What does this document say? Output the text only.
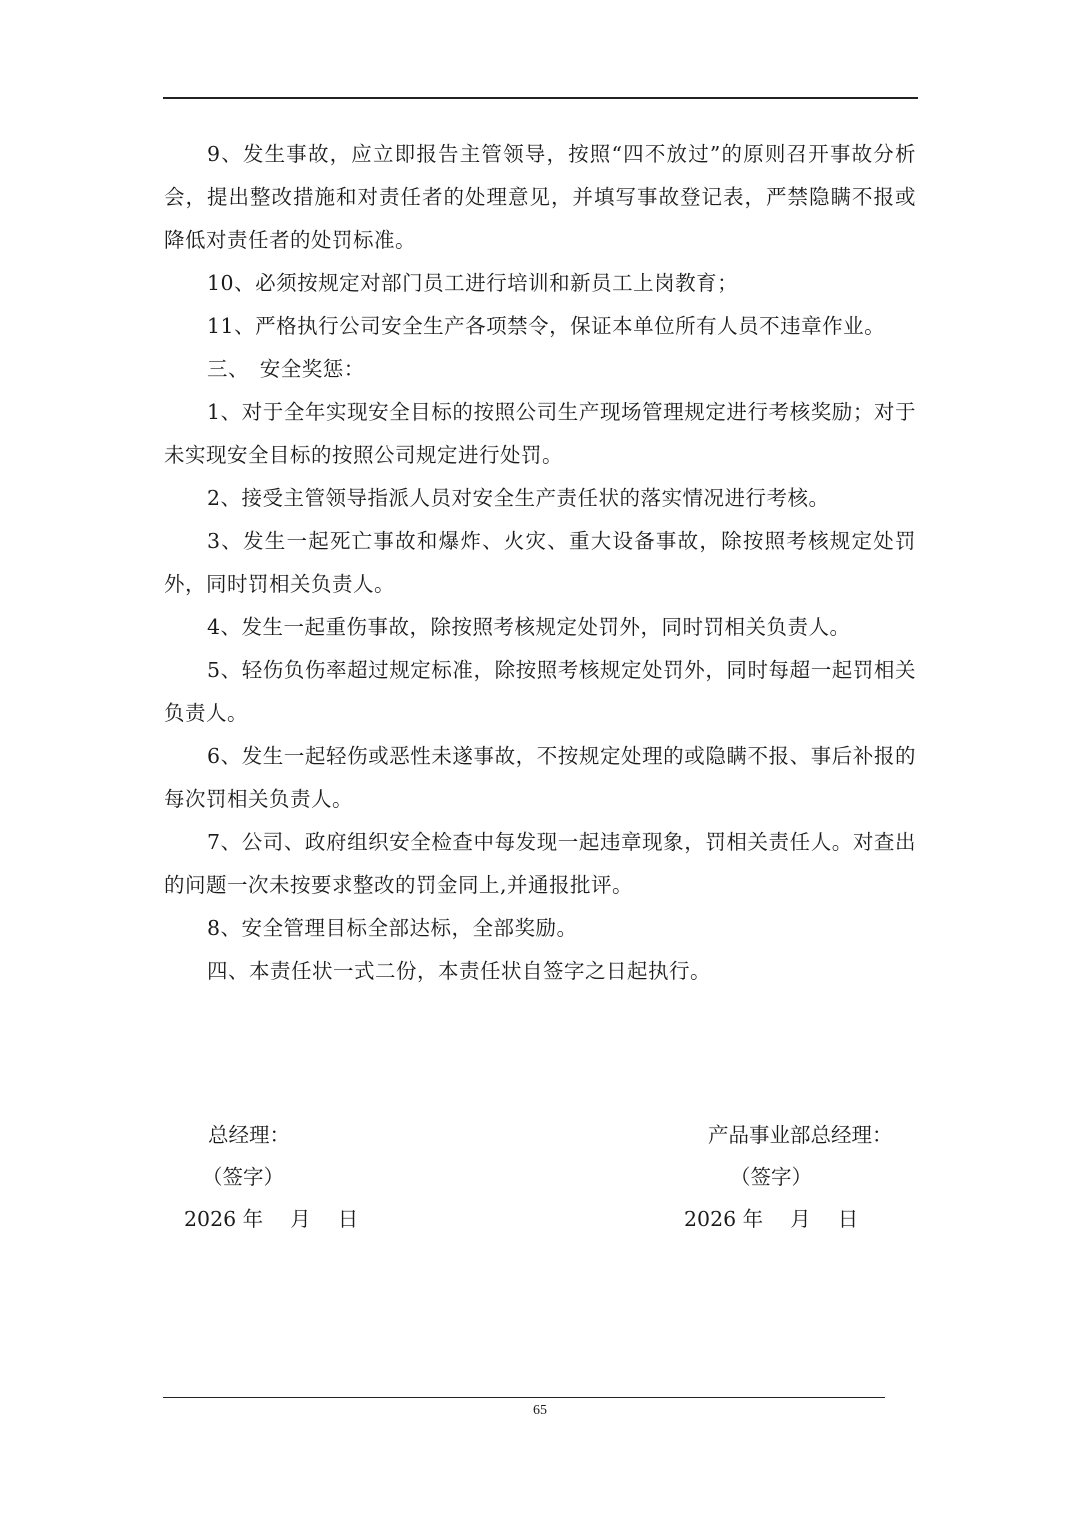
9、发生事故，应立即报告主管领导，按照“四不放过”的原则召开事故分析会，提出整改措施和对责任者的处理意见，并填写事故登记表，严禁隐瞒不报或降低对责任者的处罚标准。

10、必须按规定对部门员工进行培训和新员工上岗教育；

11、严格执行公司安全生产各项禁令，保证本单位所有人员不违章作业。

三、　安全奖惩：

1、对于全年实现安全目标的按照公司生产现场管理规定进行考核奖励；对于未实现安全目标的按照公司规定进行处罚。

2、接受主管领导指派人员对安全生产责任状的落实情况进行考核。

3、发生一起死亡事故和爆炸、火灾、重大设备事故，除按照考核规定处罚外，同时罚相关负责人。

4、发生一起重伤事故，除按照考核规定处罚外，同时罚相关负责人。

5、轻伤负伤率超过规定标准，除按照考核规定处罚外，同时每超一起罚相关负责人。

6、发生一起轻伤或恶性未遂事故，不按规定处理的或隐瞒不报、事后补报的每次罚相关负责人。

7、公司、政府组织安全检查中每发现一起违章现象，罚相关责任人。对查出的问题一次未按要求整改的罚金同上,并通报批评。

8、安全管理目标全部达标，全部奖励。

四、本责任状一式二份，本责任状自签字之日起执行。

总经理：
（签字）
2026 年　 月　 日
产品事业部总经理：
（签字）
2026 年　 月　 日
65
